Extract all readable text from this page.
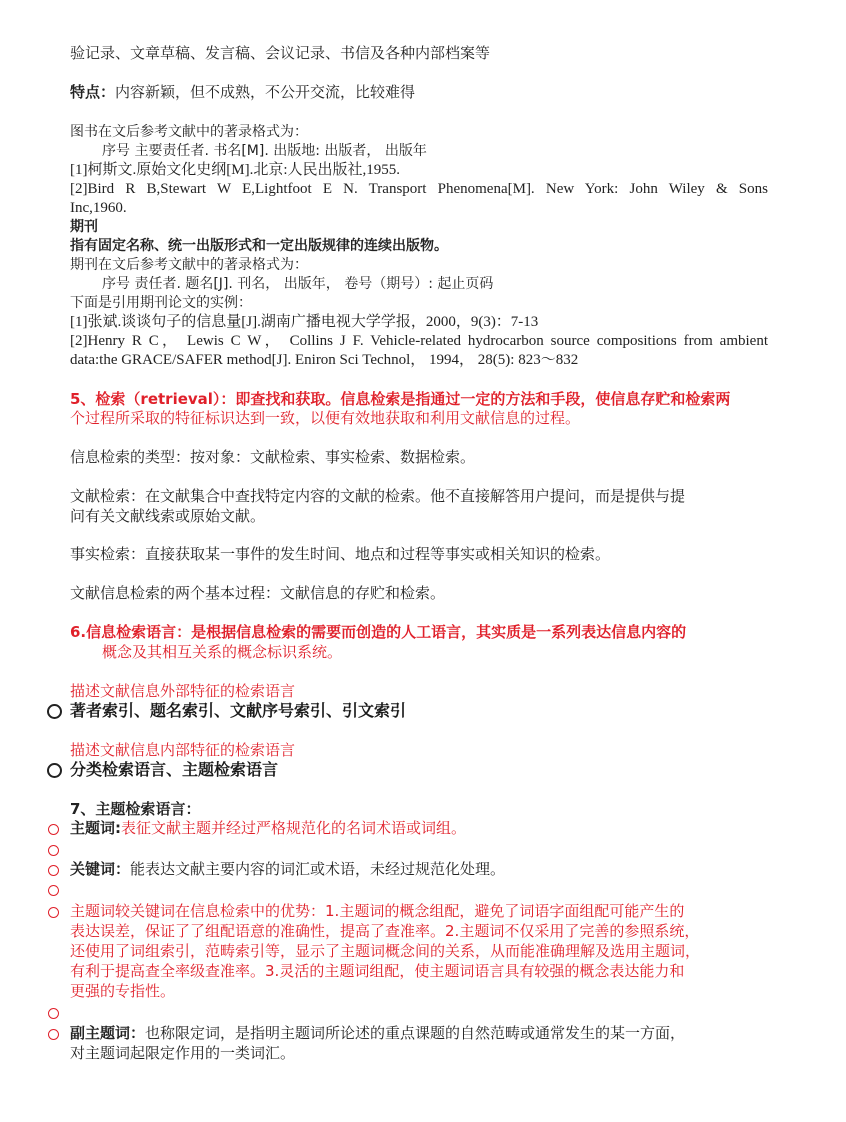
验记录、文章草稿、发言稿、会议记录、书信及各种内部档案等
特点：内容新颖，但不成熟，不公开交流，比较难得
图书在文后参考文献中的著录格式为：
序号 主要责任者. 书名[M]. 出版地: 出版者， 出版年
[1]柯斯文.原始文化史纲[M].北京:人民出版社,1955.
[2]Bird R B,Stewart W E,Lightfoot E N. Transport Phenomena[M]. New York: John Wiley & Sons
Inc,1960.
期刊
指有固定名称、统一出版形式和一定出版规律的连续出版物。
期刊在文后参考文献中的著录格式为：
序号 责任者. 题名[J]. 刊名， 出版年， 卷号（期号）: 起止页码
下面是引用期刊论文的实例：
[1]张斌.谈谈句子的信息量[J].湖南广播电视大学学报，2000，9(3)：7-13
[2]Henry R C， Lewis C W， Collins J F. Vehicle-related hydrocarbon source compositions from ambient
data:the GRACE/SAFER method[J]. Eniron Sci Technol， 1994， 28(5): 823～832
5、检索（retrieval）：即查找和获取。信息检索是指通过一定的方法和手段，使信息存贮和检索两
个过程所采取的特征标识达到一致，以便有效地获取和利用文献信息的过程。
信息检索的类型：按对象：文献检索、事实检索、数据检索。
文献检索：在文献集合中查找特定内容的文献的检索。他不直接解答用户提问，而是提供与提
问有关文献线索或原始文献。
事实检索：直接获取某一事件的发生时间、地点和过程等事实或相关知识的检索。
文献信息检索的两个基本过程：文献信息的存贮和检索。
6.信息检索语言：是根据信息检索的需要而创造的人工语言，其实质是一系列表达信息内容的
概念及其相互关系的概念标识系统。
描述文献信息外部特征的检索语言
著者索引、题名索引、文献序号索引、引文索引
描述文献信息内部特征的检索语言
分类检索语言、主题检索语言
7、主题检索语言：
主题词:表征文献主题并经过严格规范化的名词术语或词组。
关键词：能表达文献主要内容的词汇或术语，未经过规范化处理。
主题词较关键词在信息检索中的优势：1.主题词的概念组配，避免了词语字面组配可能产生的
表达误差，保证了了组配语意的准确性，提高了查准率。2.主题词不仅采用了完善的参照系统，
还使用了词组索引，范畴索引等，显示了主题词概念间的关系，从而能准确理解及选用主题词，
有利于提高查全率级查准率。3.灵活的主题词组配，使主题词语言具有较强的概念表达能力和
更强的专指性。
副主题词：也称限定词，是指明主题词所论述的重点课题的自然范畴或通常发生的某一方面，
对主题词起限定作用的一类词汇。
